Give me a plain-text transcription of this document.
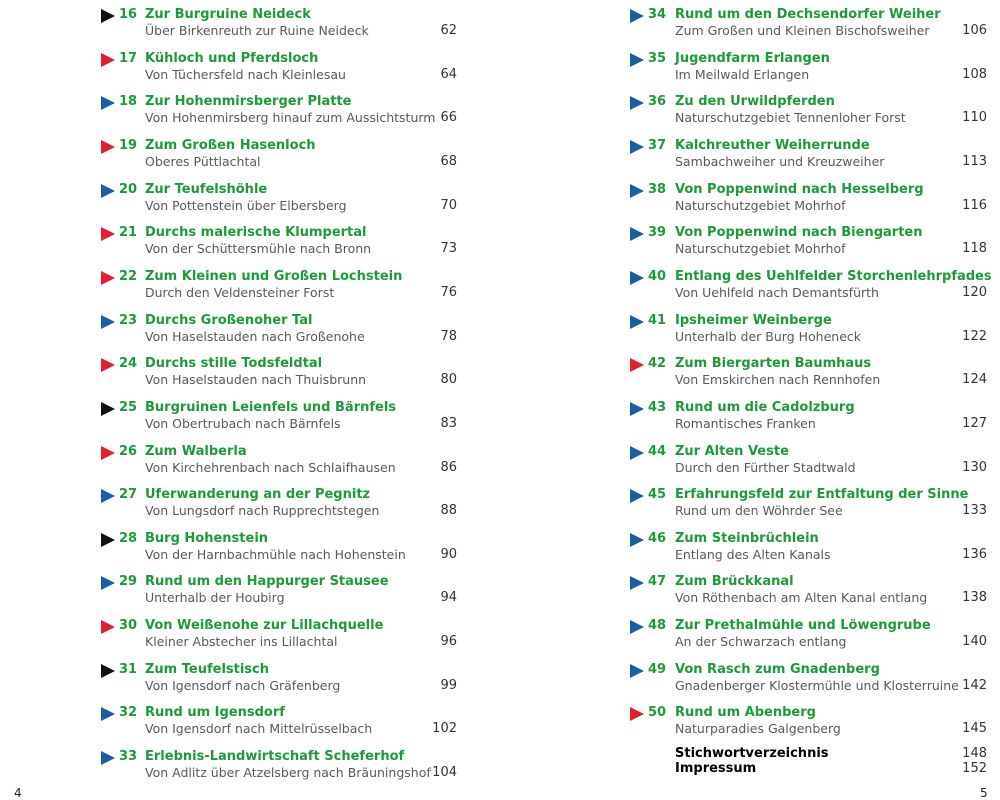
16 Zur Burgruine Neideck
Über Birkenreuth zur Ruine Neideck	62
17 Kühloch und Pferdsloch
Von Tüchersfeld nach Kleinlesau	64
18 Zur Hohenmirsberger Platte
Von Hohenmirsberg hinauf zum Aussichtsturm 66
19 Zum Großen Hasenloch
Oberes Püttlachtal	68
20 Zur Teufelshöhle
Von Pottenstein über Elbersberg	70
21 Durchs malerische Klumpertal
Von der Schüttersmühle nach Bronn	73
22 Zum Kleinen und Großen Lochstein
Durch den Veldensteiner Forst	76
23 Durchs Großenoher Tal
Von Haselstauden nach Großenohe	78
24 Durchs stille Todsfeldtal
Von Haselstauden nach Thuisbrunn	80
25 Burgruinen Leienfels und Bärnfels
Von Obertrubach nach Bärnfels	83
26 Zum Walberla
Von Kirchehrenbach nach Schlaifhausen	86
27 Uferwanderung an der Pegnitz
Von Lungsdorf nach Rupprechtstegen	88
28 Burg Hohenstein
Von der Harnbachmühle nach Hohenstein	90
29 Rund um den Happurger Stausee
Unterhalb der Houbirg	94
30 Von Weißenohe zur Lillachquelle
Kleiner Abstecher ins Lillachtal	96
31 Zum Teufelstisch
Von Igensdorf nach Gräfenberg	99
32 Rund um Igensdorf
Von Igensdorf nach Mittelrüsselbach	102
33 Erlebnis-Landwirtschaft Scheferhof
Von Adlitz über Atzelsberg nach Bräuningshof 104
34 Rund um den Dechsendorfer Weiher
Zum Großen und Kleinen Bischofsweiher	106
35 Jugendfarm Erlangen
Im Meilwald Erlangen	108
36 Zu den Urwildpferden
Naturschutzgebiet Tennenloher Forst	110
37 Kalchreuther Weiherrunde
Sambachweiher und Kreuzweiher	113
38 Von Poppenwind nach Hesselberg
Naturschutzgebiet Mohrhof	116
39 Von Poppenwind nach Biengarten
Naturschutzgebiet Mohrhof	118
40 Entlang des Uehlfelder Storchenlehrpfades
Von Uehlfeld nach Demantsfürth	120
41 Ipsheimer Weinberge
Unterhalb der Burg Hoheneck	122
42 Zum Biergarten Baumhaus
Von Emskirchen nach Rennhofen	124
43 Rund um die Cadolzburg
Romantisches Franken	127
44 Zur Alten Veste
Durch den Fürther Stadtwald	130
45 Erfahrungsfeld zur Entfaltung der Sinne
Rund um den Wöhrder See	133
46 Zum Steinbrüchlein
Entlang des Alten Kanals	136
47 Zum Brückkanal
Von Röthenbach am Alten Kanal entlang	138
48 Zur Prethalmühle und Löwengrube
An der Schwarzach entlang	140
49 Von Rasch zum Gnadenberg
Gnadenberger Klostermühle und Klosterruine 142
50 Rund um Abenberg
Naturparadies Galgenberg	145
Stichwortverzeichnis	148
Impressum	152
4	5
